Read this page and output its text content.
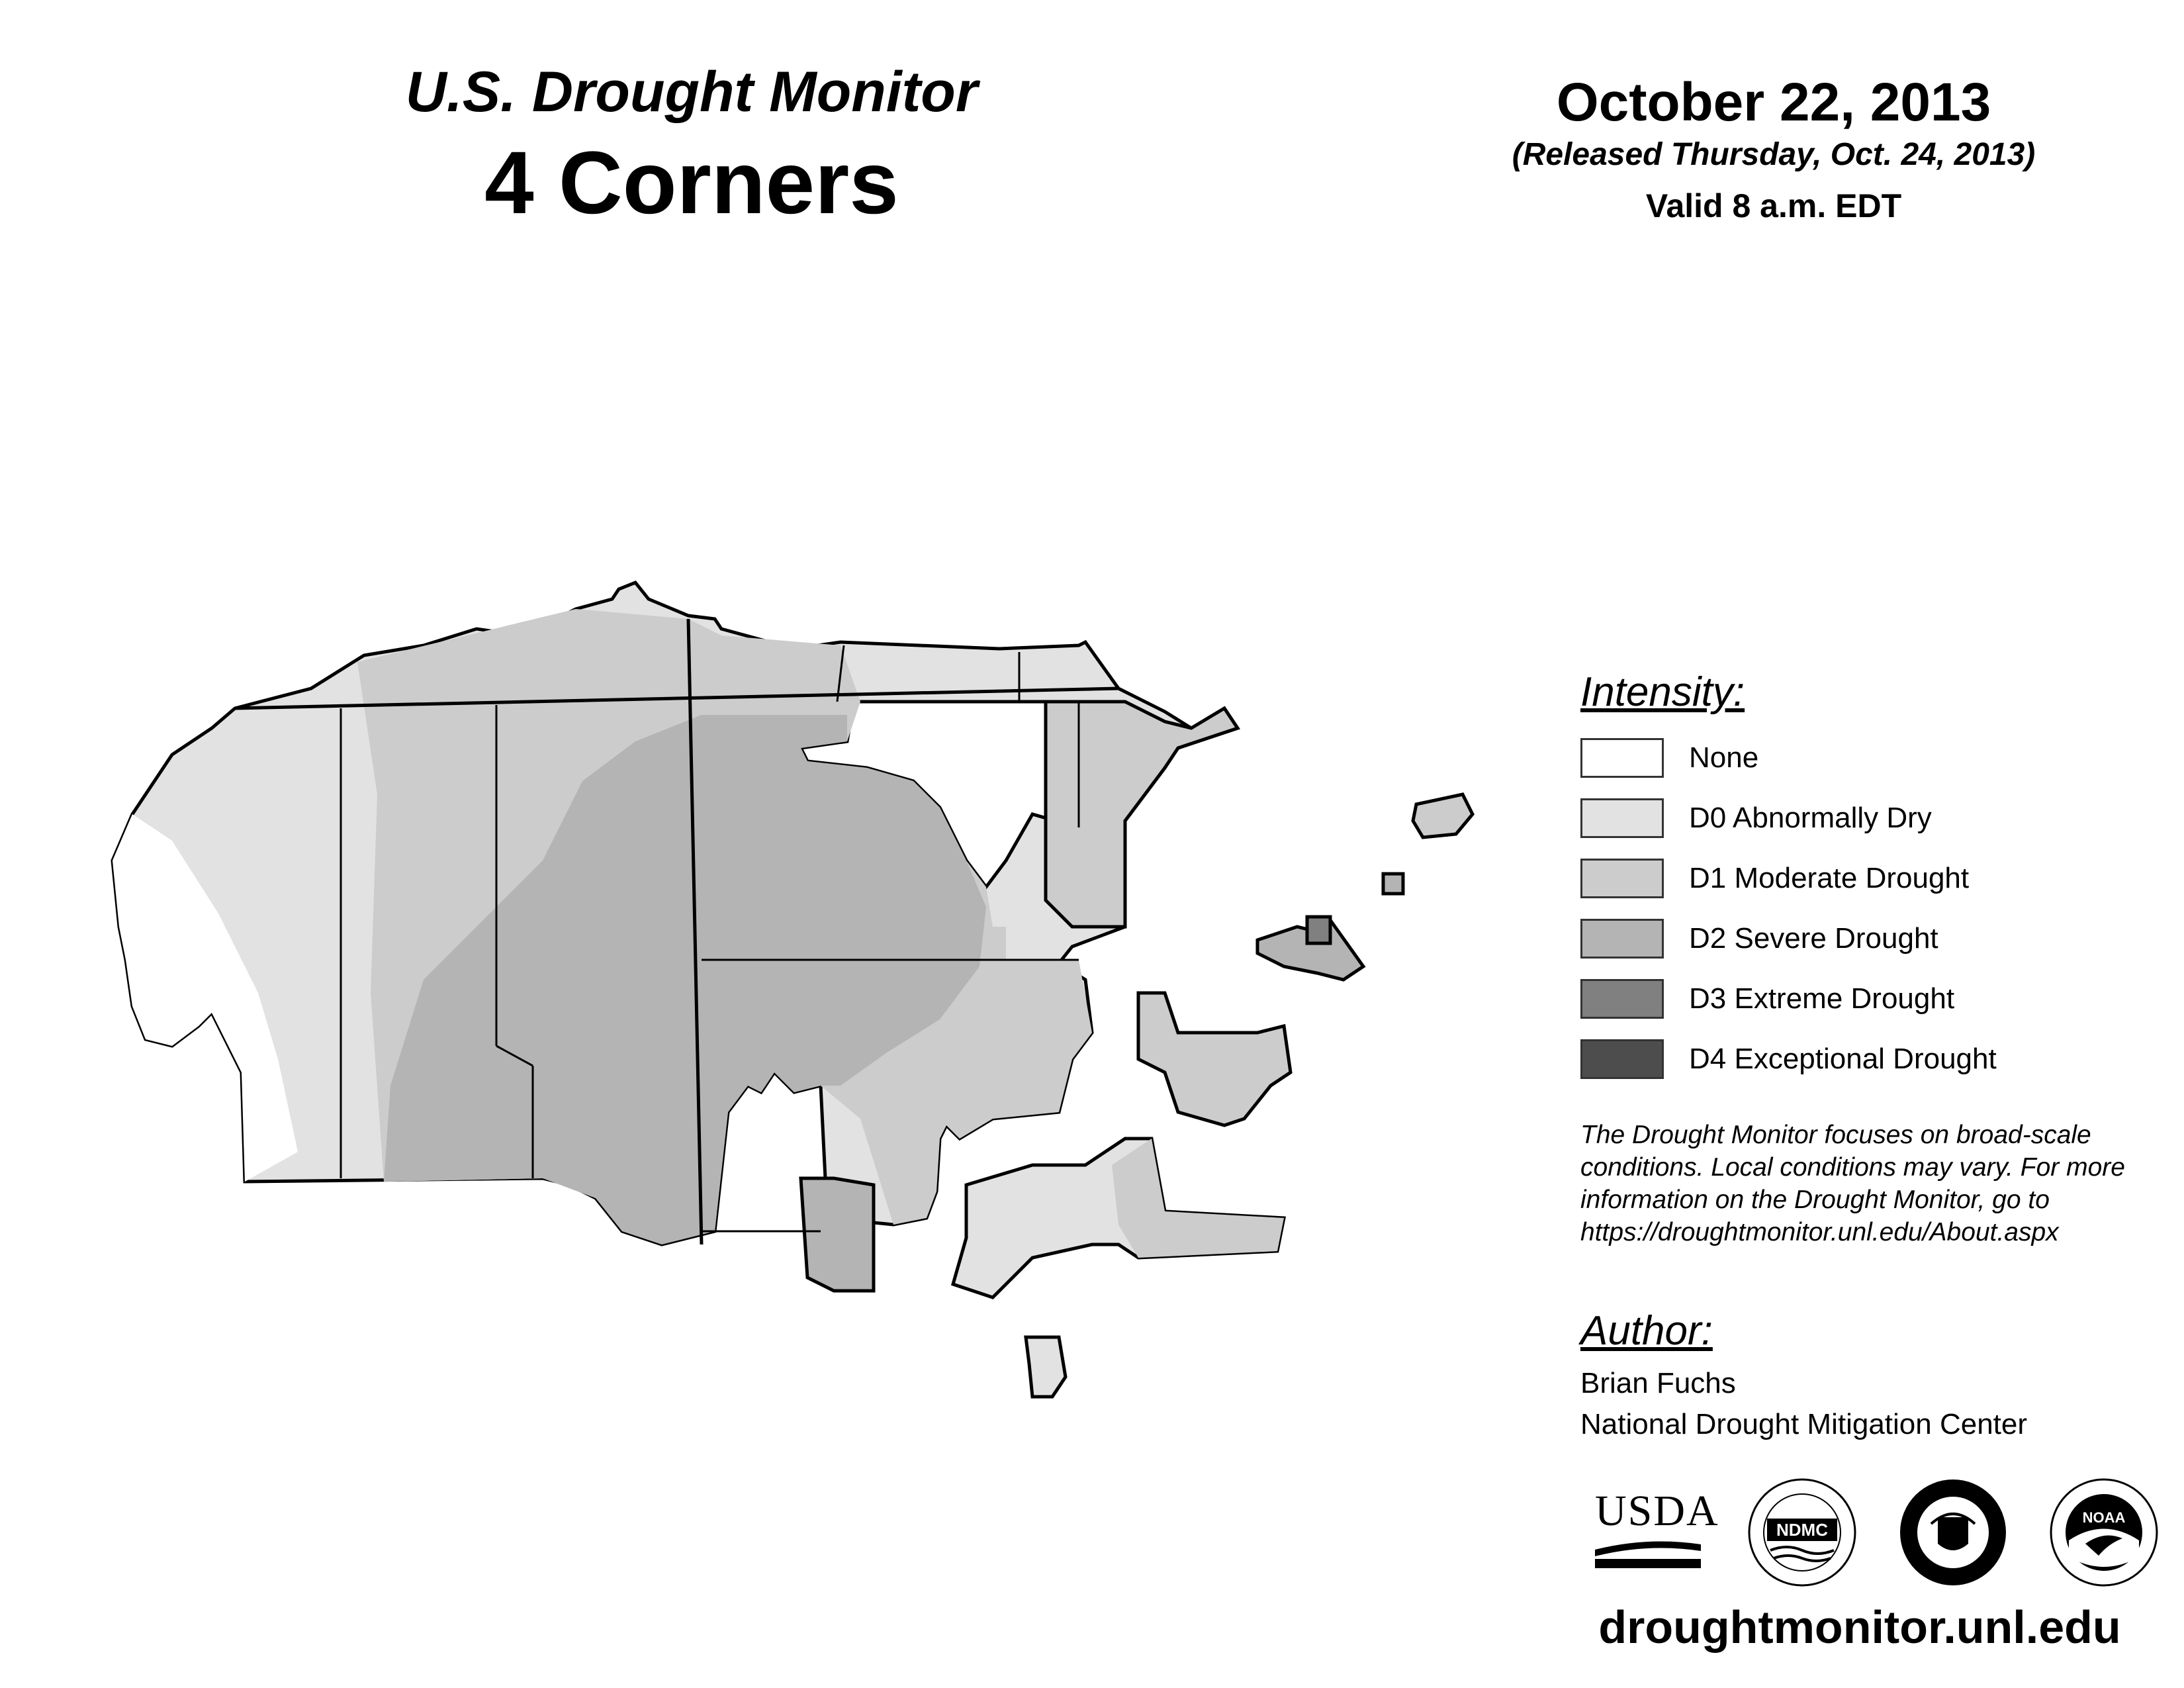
U.S. Drought Monitor
4 Corners
October 22, 2013
(Released Thursday, Oct. 24, 2013)
Valid 8 a.m. EDT
Intensity:
None
D0 Abnormally Dry
D1 Moderate Drought
D2 Severe Drought
D3 Extreme Drought
D4 Exceptional Drought
The Drought Monitor focuses on broad-scale conditions. Local conditions may vary. For more information on the Drought Monitor, go to https://droughtmonitor.unl.edu/About.aspx
Author:
Brian Fuchs
National Drought Mitigation Center
USDA	NDMC
NOAA
droughtmonitor.unl.edu
